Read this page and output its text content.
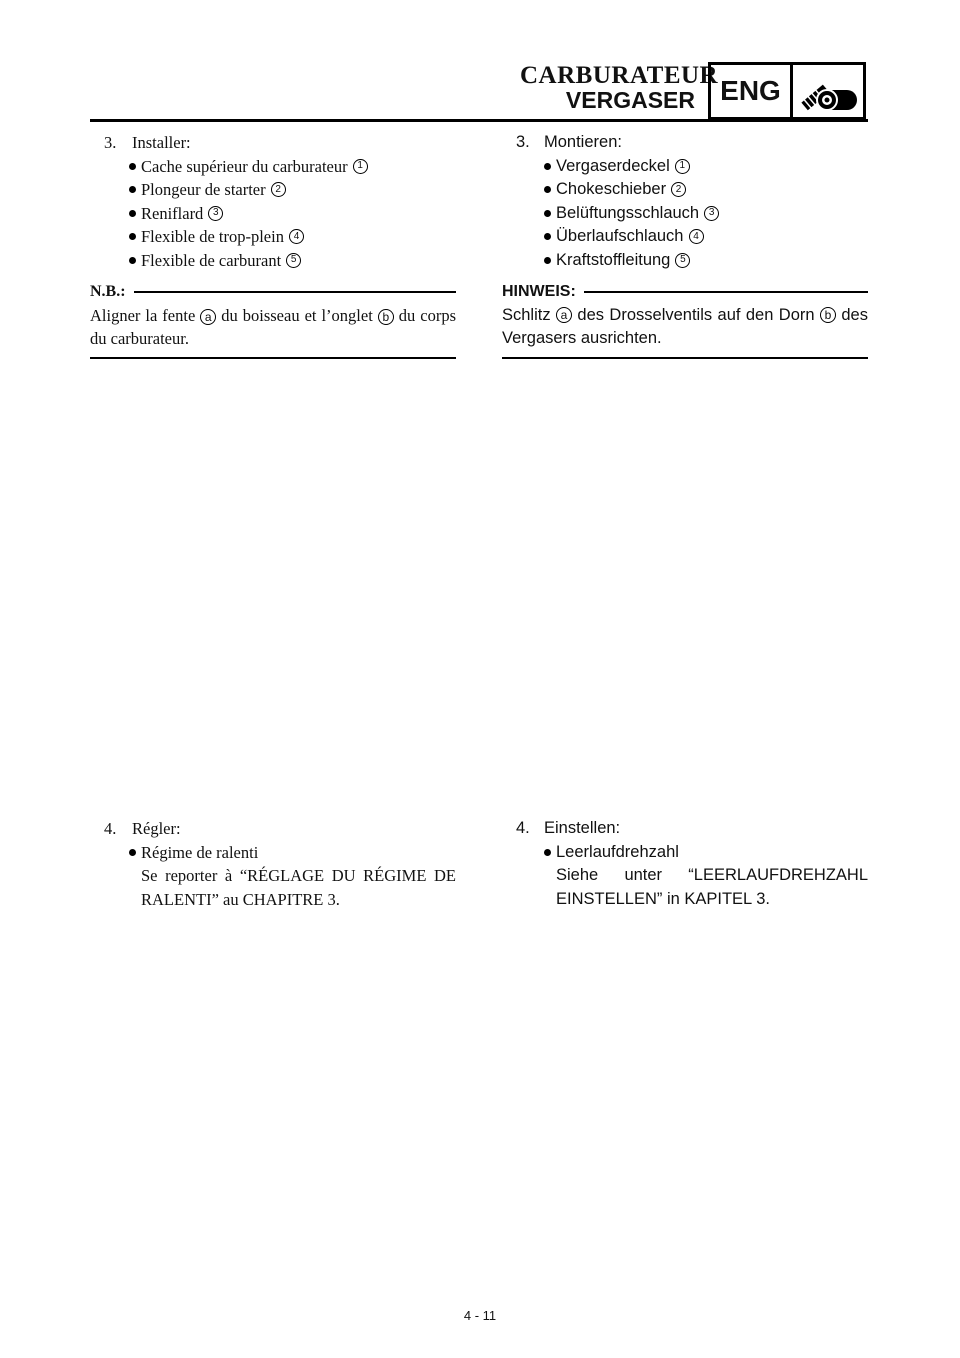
CARBURATEUR
VERGASER ENG
3. Installer:
Cache supérieur du carburateur 1
Plongeur de starter 2
Reniflard 3
Flexible de trop-plein 4
Flexible de carburant 5
N.B.:
Aligner la fente a du boisseau et l’onglet b du corps du carburateur.
3. Montieren:
Vergaserdeckel 1
Chokeschieber 2
Belüftungsschlauch 3
Überlaufschlauch 4
Kraftstoffleitung 5
HINWEIS:
Schlitz a des Drosselventils auf den Dorn b des Vergasers ausrichten.
4. Régler:
Régime de ralenti
Se reporter à “RÉGLAGE DU RÉGIME DE RALENTI” au CHAPITRE 3.
4. Einstellen:
Leerlaufdrehzahl
Siehe unter “LEERLAUFDREHZAHL EINSTELLEN” in KAPITEL 3.
4 - 11
